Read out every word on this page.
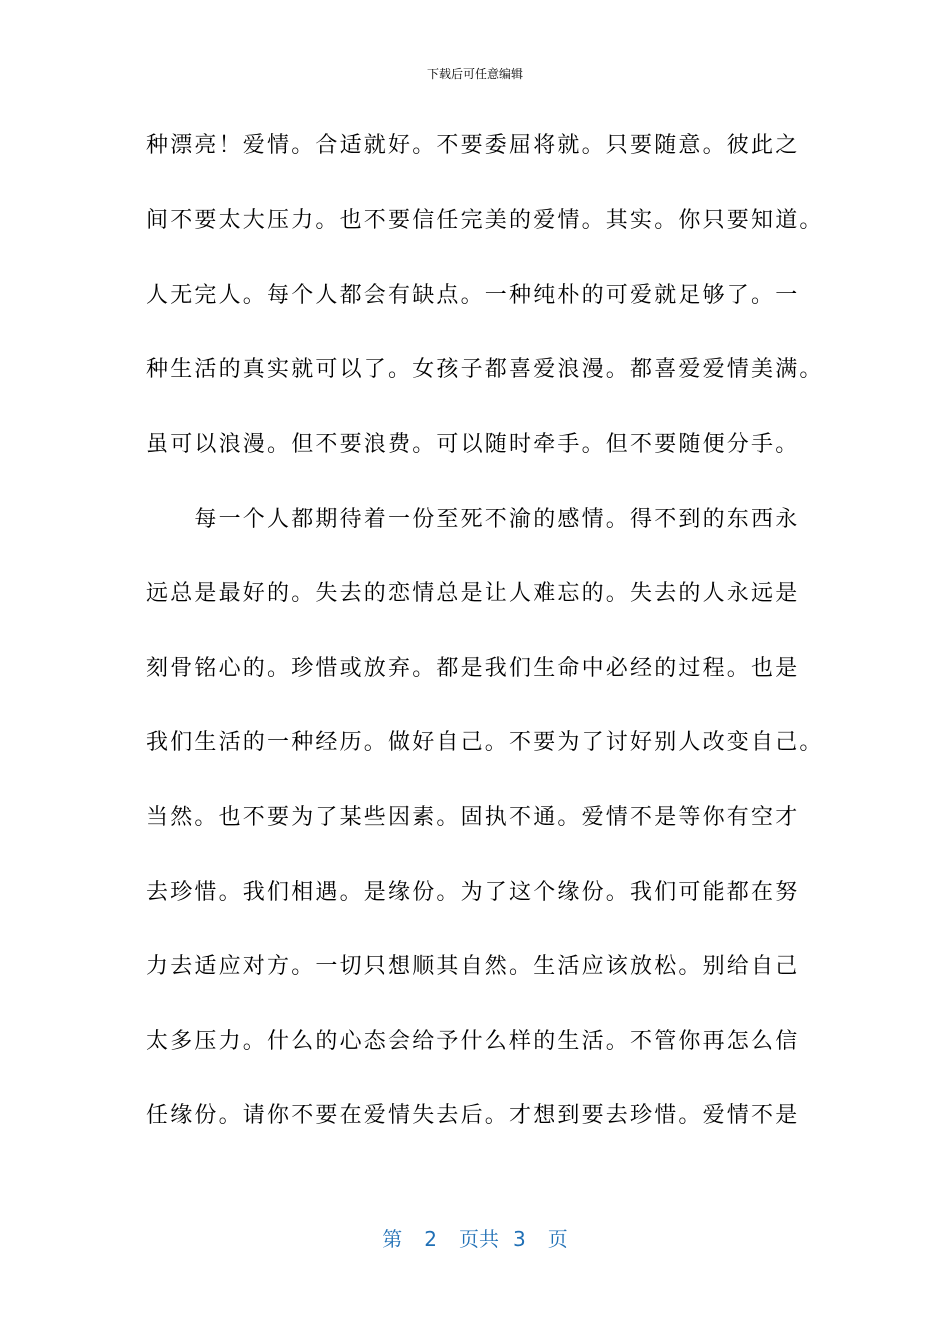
下载后可任意编辑
种漂亮！爱情。合适就好。不要委屈将就。只要随意。彼此之
间不要太大压力。也不要信任完美的爱情。其实。你只要知道。
人无完人。每个人都会有缺点。一种纯朴的可爱就足够了。一
种生活的真实就可以了。女孩子都喜爱浪漫。都喜爱爱情美满。
虽可以浪漫。但不要浪费。可以随时牵手。但不要随便分手。
　　每一个人都期待着一份至死不渝的感情。得不到的东西永
远总是最好的。失去的恋情总是让人难忘的。失去的人永远是
刻骨铭心的。珍惜或放弃。都是我们生命中必经的过程。也是
我们生活的一种经历。做好自己。不要为了讨好别人改变自己。
当然。也不要为了某些因素。固执不通。爱情不是等你有空才
去珍惜。我们相遇。是缘份。为了这个缘份。我们可能都在努
力去适应对方。一切只想顺其自然。生活应该放松。别给自己
太多压力。什么的心态会给予什么样的生活。不管你再怎么信
任缘份。请你不要在爱情失去后。才想到要去珍惜。爱情不是
第 2 页共 3 页
